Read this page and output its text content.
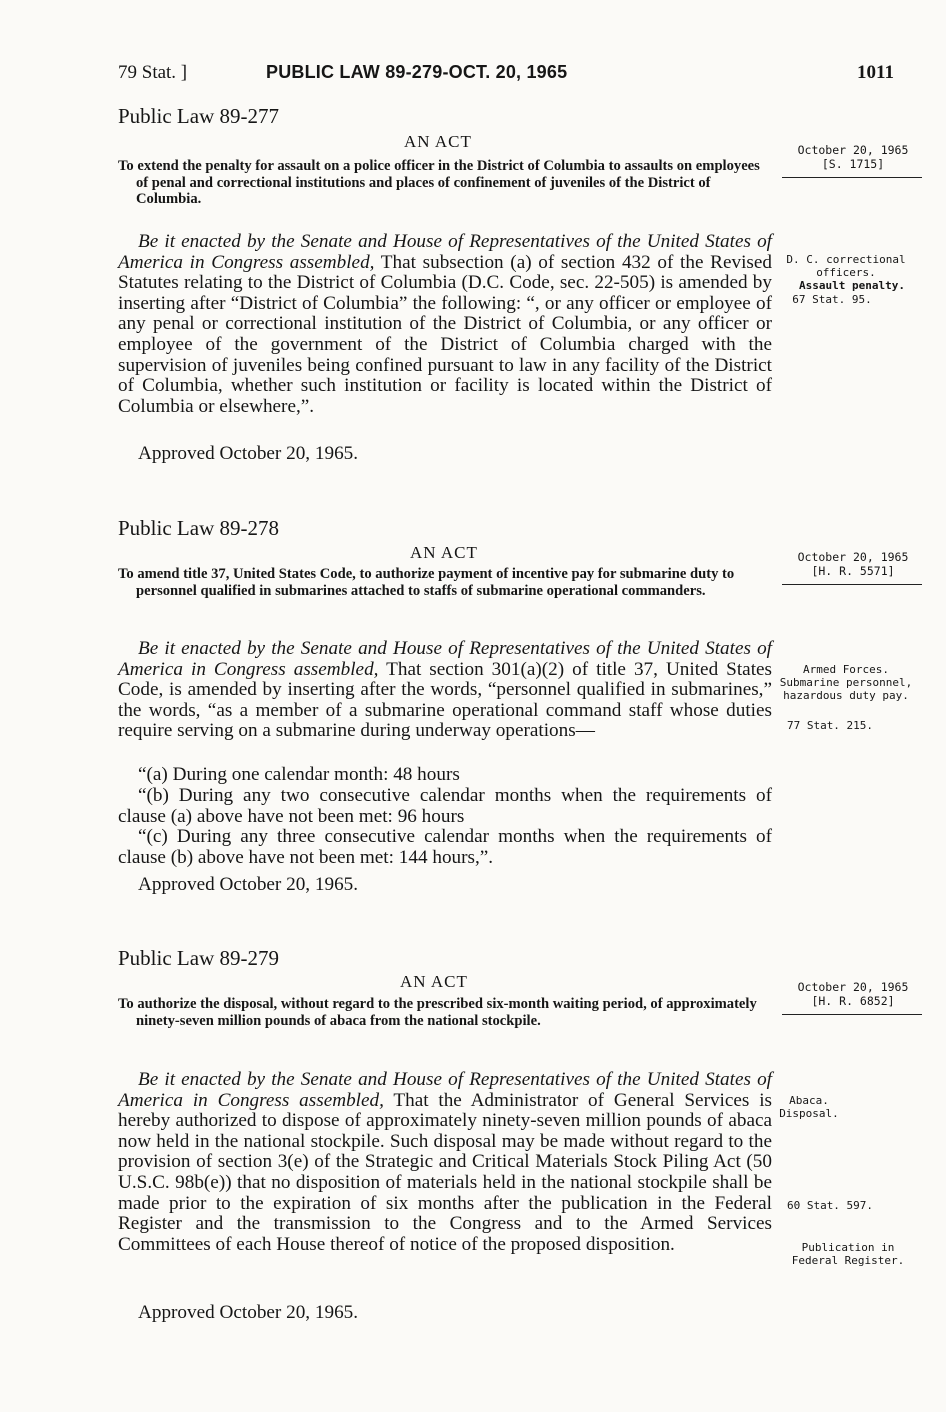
79 Stat. ]	PUBLIC LAW 89-279-OCT. 20, 1965	1011
Public Law 89-277
AN ACT
To extend the penalty for assault on a police officer in the District of Columbia to assaults on employees of penal and correctional institutions and places of confinement of juveniles of the District of Columbia.
October 20, 1965
[S. 1715]
Be it enacted by the Senate and House of Representatives of the United States of America in Congress assembled, That subsection (a) of section 432 of the Revised Statutes relating to the District of Columbia (D.C. Code, sec. 22-505) is amended by inserting after “District of Columbia” the following: “, or any officer or employee of any penal or correctional institution of the District of Columbia, or any officer or employee of the government of the District of Columbia charged with the supervision of juveniles being confined pursuant to law in any facility of the District of Columbia, whether such institution or facility is located within the District of Columbia or elsewhere,”.
Approved October 20, 1965.
D. C. correctional officers.
Assault penalty.
67 Stat. 95.
Public Law 89-278
AN ACT
To amend title 37, United States Code, to authorize payment of incentive pay for submarine duty to personnel qualified in submarines attached to staffs of submarine operational commanders.
October 20, 1965
[H. R. 5571]
Be it enacted by the Senate and House of Representatives of the United States of America in Congress assembled, That section 301(a)(2) of title 37, United States Code, is amended by inserting after the words, “personnel qualified in submarines,” the words, “as a member of a submarine operational command staff whose duties require serving on a submarine during underway operations—
“(a) During one calendar month: 48 hours
“(b) During any two consecutive calendar months when the requirements of clause (a) above have not been met: 96 hours
“(c) During any three consecutive calendar months when the requirements of clause (b) above have not been met: 144 hours,”.
Approved October 20, 1965.
Armed Forces. Submarine personnel, hazardous duty pay.
77 Stat. 215.
Public Law 89-279
AN ACT
To authorize the disposal, without regard to the prescribed six-month waiting period, of approximately ninety-seven million pounds of abaca from the national stockpile.
October 20, 1965
[H. R. 6852]
Be it enacted by the Senate and House of Representatives of the United States of America in Congress assembled, That the Administrator of General Services is hereby authorized to dispose of approximately ninety-seven million pounds of abaca now held in the national stockpile. Such disposal may be made without regard to the provision of section 3(e) of the Strategic and Critical Materials Stock Piling Act (50 U.S.C. 98b(e)) that no disposition of materials held in the national stockpile shall be made prior to the expiration of six months after the publication in the Federal Register and the transmission to the Congress and to the Armed Services Committees of each House thereof of notice of the proposed disposition.
Approved October 20, 1965.
Abaca. Disposal.
60 Stat. 597.
Publication in Federal Register.
